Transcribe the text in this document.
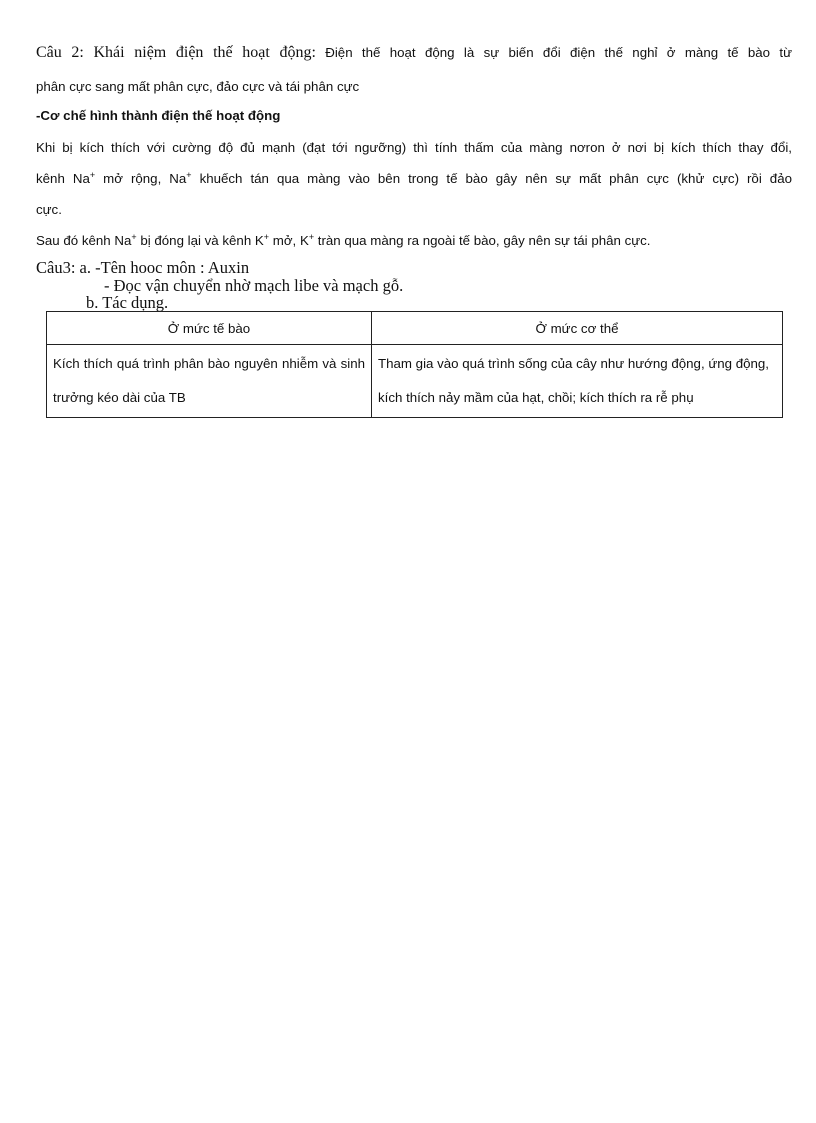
Câu 2: Khái niệm điện thế hoạt động: Điện thế hoạt động là sự biến đổi điện thế nghỉ ở màng tế bào từ
phân cực sang mất phân cực, đảo cực và tái phân cực
-Cơ chế hình thành điện thế hoạt động
Khi bị kích thích với cường độ đủ mạnh (đạt tới ngưỡng) thì tính thấm của màng nơron ở nơi bị kích thích thay đổi,
kênh Na+ mở rộng, Na+ khuếch tán qua màng vào bên trong tế bào gây nên sự mất phân cực (khử cực) rồi đảo
cực.
Sau đó kênh Na+ bị đóng lại và kênh K+ mở, K+ tràn qua màng ra ngoài tế bào, gây nên sự tái phân cực.
Câu3: a. -Tên hooc môn : Auxin
- Đọc vận chuyển nhờ mạch libe và mạch gỗ.
b. Tác dụng.
Ở mức tế bào	Ở mức cơ thể
Kích thích quá trình phân bào nguyên nhiễm và sinh trưởng kéo dài của TB	Tham gia vào quá trình sống của cây như hướng động, ứng động, kích thích nảy mầm của hạt, chồi; kích thích ra rễ phụ
